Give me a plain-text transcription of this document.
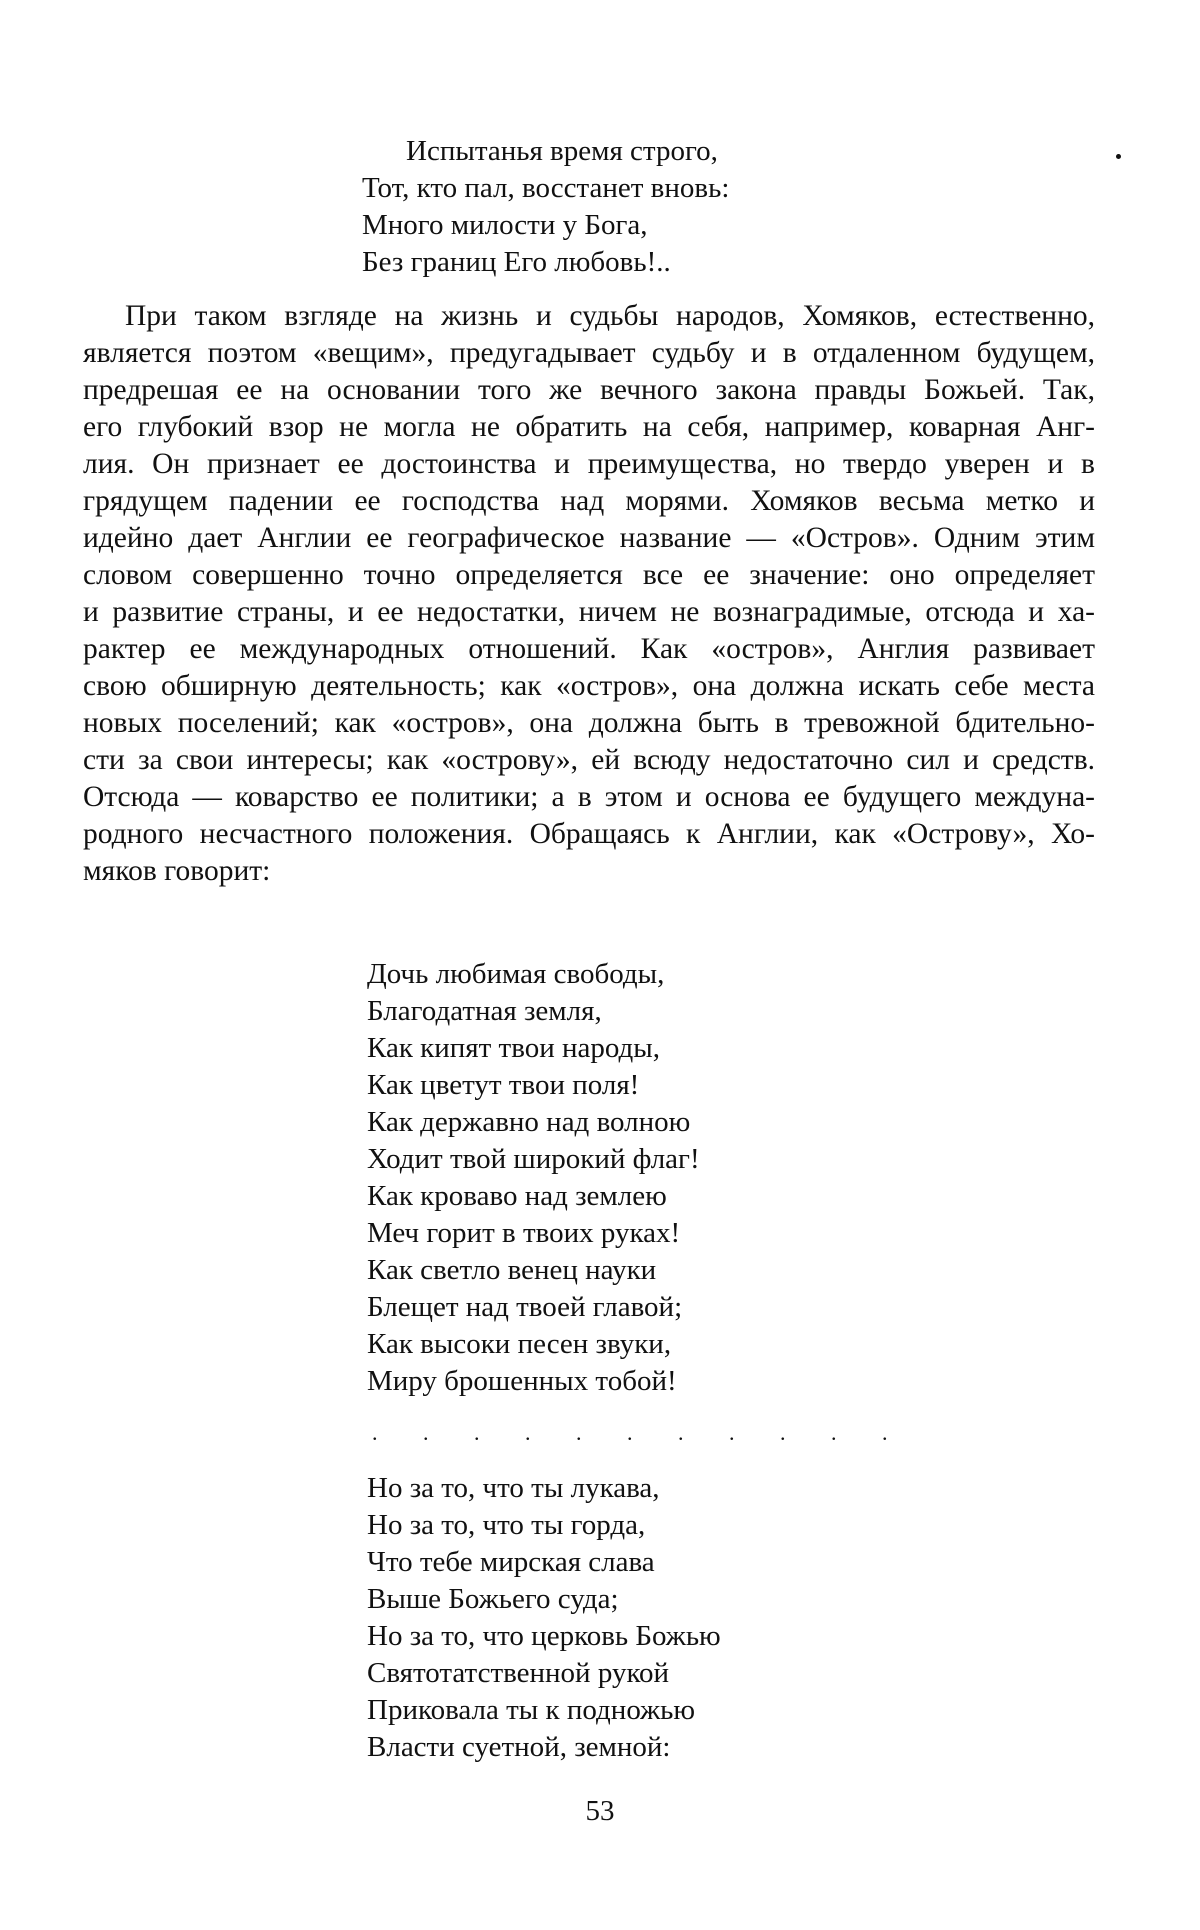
Испытанья время строго,
Тот, кто пал, восстанет вновь:
Много милости у Бога,
Без границ Его любовь!..
При таком взгляде на жизнь и судьбы народов, Хомяков, естественно,
является поэтом «вещим», предугадывает судьбу и в отдаленном будущем,
предрешая ее на основании того же вечного закона правды Божьей. Так,
его глубокий взор не могла не обратить на себя, например, коварная Анг-
лия. Он признает ее достоинства и преимущества, но твердо уверен и в
грядущем падении ее господства над морями. Хомяков весьма метко и
идейно дает Англии ее географическое название — «Остров». Одним этим
словом совершенно точно определяется все ее значение: оно определяет
и развитие страны, и ее недостатки, ничем не вознаградимые, отсюда и ха-
рактер ее международных отношений. Как «остров», Англия развивает
свою обширную деятельность; как «остров», она должна искать себе места
новых поселений; как «остров», она должна быть в тревожной бдительно-
сти за свои интересы; как «острову», ей всюду недостаточно сил и средств.
Отсюда — коварство ее политики; а в этом и основа ее будущего междуна-
родного несчастного положения. Обращаясь к Англии, как «Острову», Хо-
мяков говорит:
Дочь любимая свободы,
Благодатная земля,
Как кипят твои народы,
Как цветут твои поля!
Как державно над волною
Ходит твой широкий флаг!
Как кроваво над землею
Меч горит в твоих руках!
Как светло венец науки
Блещет над твоей главой;
Как высоки песен звуки,
Миру брошенных тобой!
. . . . . . . . . . .
Но за то, что ты лукава,
Но за то, что ты горда,
Что тебе мирская слава
Выше Божьего суда;
Но за то, что церковь Божью
Святотатственной рукой
Приковала ты к подножью
Власти суетной, земной:
53
